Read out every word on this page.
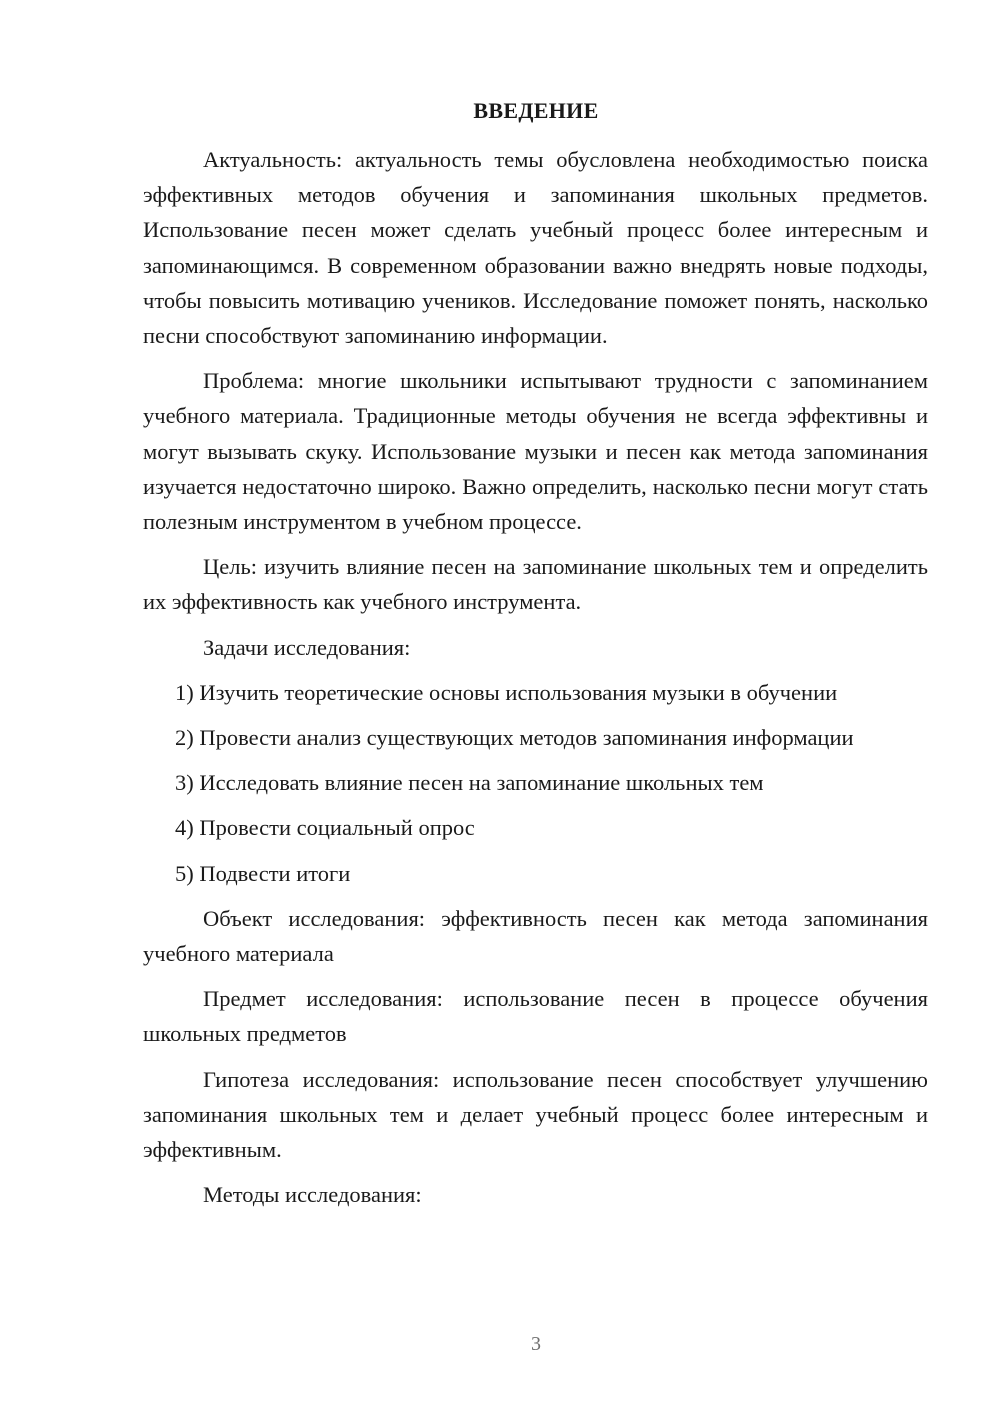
ВВЕДЕНИЕ

Актуальность: актуальность темы обусловлена необходимостью поиска эффективных методов обучения и запоминания школьных предметов. Использование песен может сделать учебный процесс более интересным и запоминающимся. В современном образовании важно внедрять новые подходы, чтобы повысить мотивацию учеников. Исследование поможет понять, насколько песни способствуют запоминанию информации.

Проблема: многие школьники испытывают трудности с запоминанием учебного материала. Традиционные методы обучения не всегда эффективны и могут вызывать скуку. Использование музыки и песен как метода запоминания изучается недостаточно широко. Важно определить, насколько песни могут стать полезным инструментом в учебном процессе.

Цель: изучить влияние песен на запоминание школьных тем и определить их эффективность как учебного инструмента.

Задачи исследования:

1) Изучить теоретические основы использования музыки в обучении
2) Провести анализ существующих методов запоминания информации
3) Исследовать влияние песен на запоминание школьных тем
4) Провести социальный опрос
5) Подвести итоги

Объект исследования: эффективность песен как метода запоминания учебного материала

Предмет исследования: использование песен в процессе обучения школьных предметов

Гипотеза исследования: использование песен способствует улучшению запоминания школьных тем и делает учебный процесс более интересным и эффективным.

Методы исследования:

3
